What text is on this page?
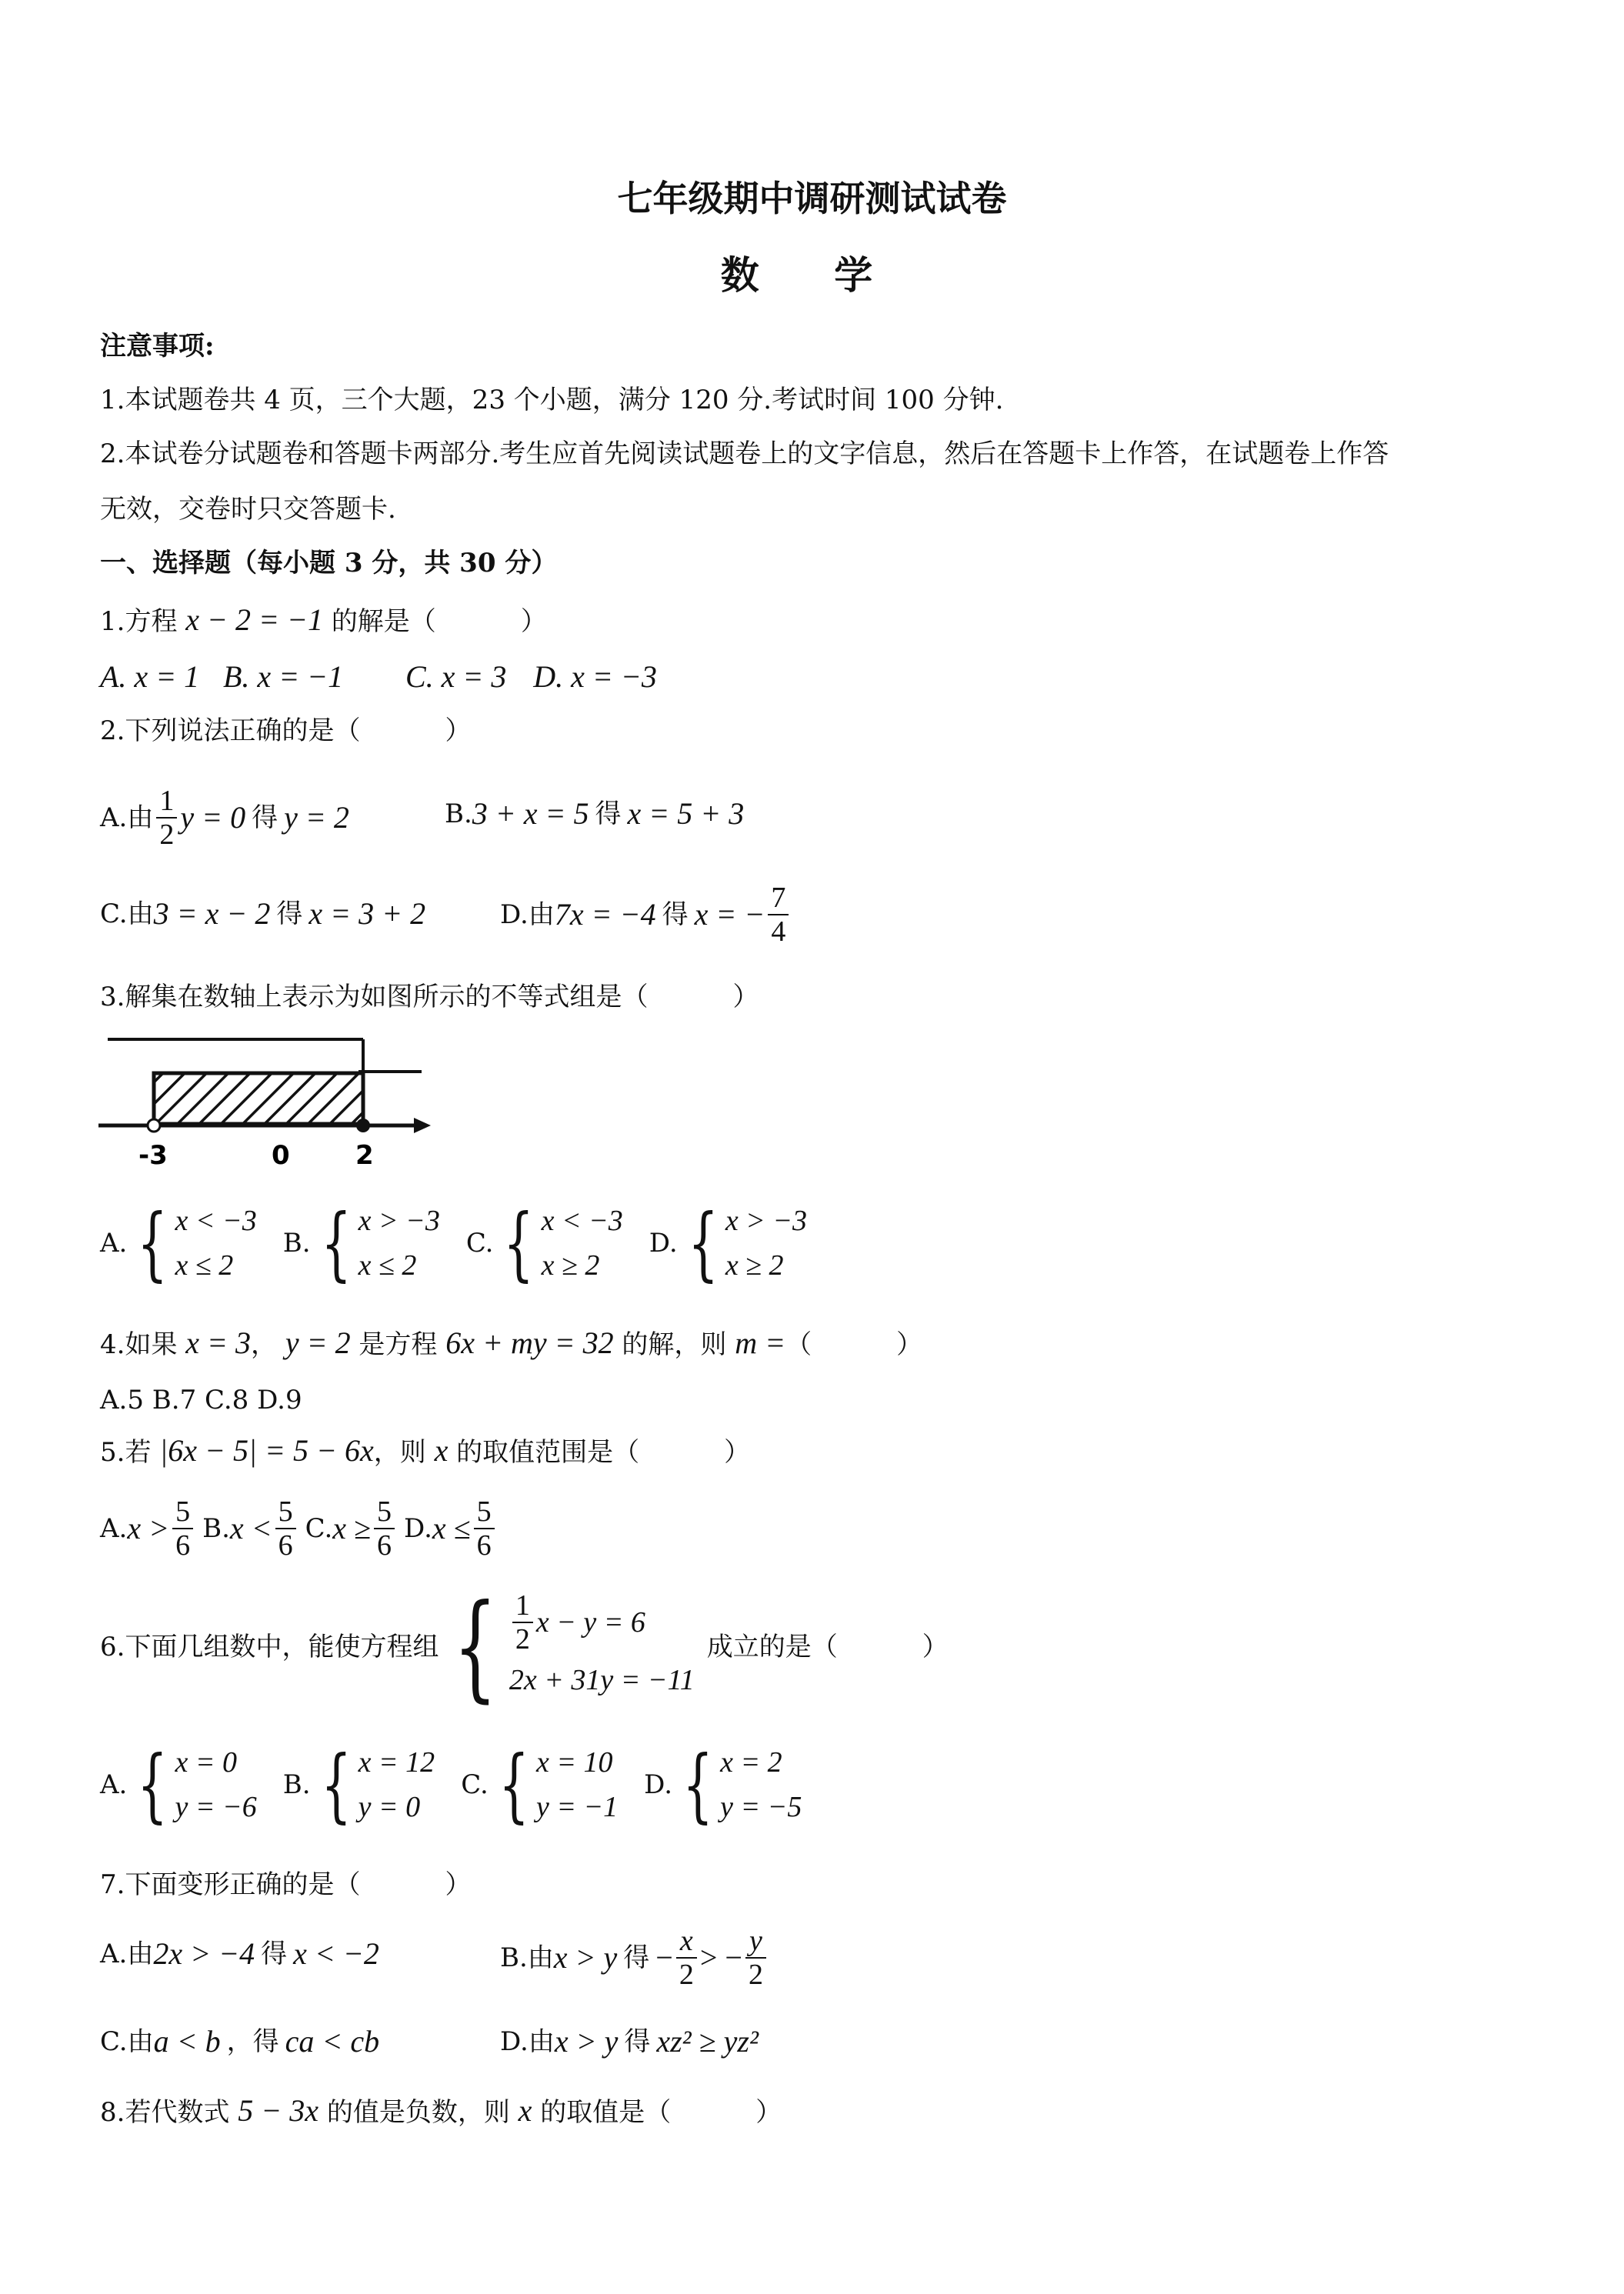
七年级期中调研测试试卷
数 学
注意事项:
1.本试题卷共 4 页，三个大题，23 个小题，满分 120 分.考试时间 100 分钟.
2.本试卷分试题卷和答题卡两部分.考生应首先阅读试题卷上的文字信息，然后在答题卡上作答，在试题卷上作答
无效，交卷时只交答题卡.
一、选择题（每小题 3 分，共 30 分）
1.方程 x − 2 = −1 的解是（	）
A. x = 1 B. x = −1 C. x = 3 D. x = −3
2.下列说法正确的是（	）
A.由 $\frac{1}{2}$ y = 0 得 y = 2	B. 3 + x = 5 得 x = 5 + 3
C.由 3 = x − 2 得 x = 3 + 2	D.由 7x = −4 得 x = − $\frac{7}{4}$
3.解集在数轴上表示为如图所示的不等式组是（	）
-3	0	2
A. { x < −3
x ≤ 2
B. { x > −3
x ≤ 2
C. { x < −3
x ≥ 2
D. { x > −3
x ≥ 2
4.如果 x = 3， y = 2 是方程 6x + my = 32 的解，则 m =（	）
A.5 B.7 C.8 D.9
5.若 |6x − 5| = 5 − 6x，则 x 的取值范围是（	）
A. $x > \frac{5}{6} B$. $x < \frac{5}{6} C$. $x \ge \frac{5}{6} D$. $x \le \frac{5}{6}$
6.下面几组数中，能使方程组 { $\frac{1}{2}$ x − y = 6
2x + 31y = −11
成立的是（	）
A. { x = 0
y = −6
B. { x = 12
y = 0
C. { x = 10
y = −1
D. { x = 2
y = −5
7.下面变形正确的是（	）
A.由 2x > −4 得 x < −2	B.由 x > y 得 − $\frac{x}{2}$ > − $\frac{y}{2}$
C.由 a < b ，得 ca < cb	D.由 x > y 得 xz² ≥ yz²
8.若代数式 5 − 3x 的值是负数，则 x 的取值是（	）
